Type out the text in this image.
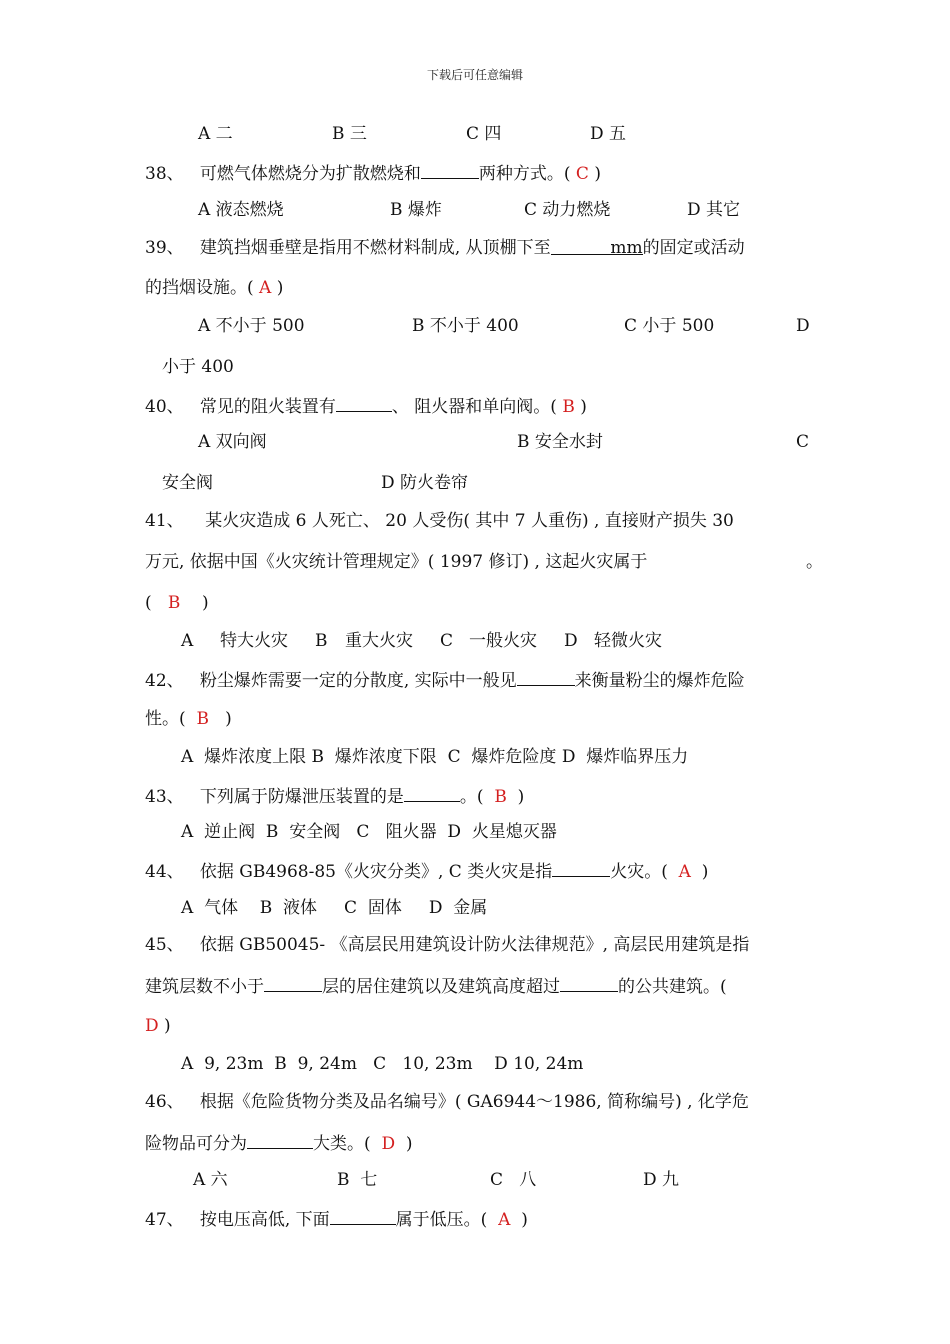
下载后可任意编辑
A 二	B 三	C 四	D 五
38、 可燃气体燃烧分为扩散燃烧和	两种方式。( C )
A 液态燃烧	B 爆炸	C 动力燃烧	D 其它
39、 建筑挡烟垂壁是指用不燃材料制成, 从顶棚下至	mm的固定或活动
的挡烟设施。( A )
A 不小于 500	B 不小于 400	C 小于 500	D
小于 400
40、 常见的阻火装置有	、 阻火器和单向阀。( B )
A 双向阀	B 安全水封	C
安全阀	D 防火卷帘
41、 某火灾造成 6 人死亡、 20 人受伤( 其中 7 人重伤) , 直接财产损失 30
万元, 依据中国《火灾统计管理规定》( 1997 修订) , 这起火灾属于	。
( B )
A 特大火灾 B 重大火灾 C 一般火灾 D 轻微火灾
42、 粉尘爆炸需要一定的分散度, 实际中一般见	来衡量粉尘的爆炸危险
性。( B )
A  爆炸浓度上限 B  爆炸浓度下限  C  爆炸危险度 D  爆炸临界压力
43、 下列属于防爆泄压装置的是	。( B )
A  逆止阀  B  安全阀   C   阻火器  D  火星熄灭器
44、   依据 GB4968-85《火灾分类》, C 类火灾是指	火灾。( A )
A  气体    B  液体     C  固体     D  金属
45、 依据 GB50045- 《高层民用建筑设计防火法律规范》, 高层民用建筑是指
建筑层数不小于	层的居住建筑以及建筑高度超过	的公共建筑。(
D )
A  9, 23m  B  9, 24m   C   10, 23m    D 10, 24m
46、 根据《危险货物分类及品名编号》( GA6944～1986, 简称编号) , 化学危
险物品可分为	大类。( D )
A 六	B  七	C   八	D 九
47、 按电压高低, 下面	属于低压。( A )
